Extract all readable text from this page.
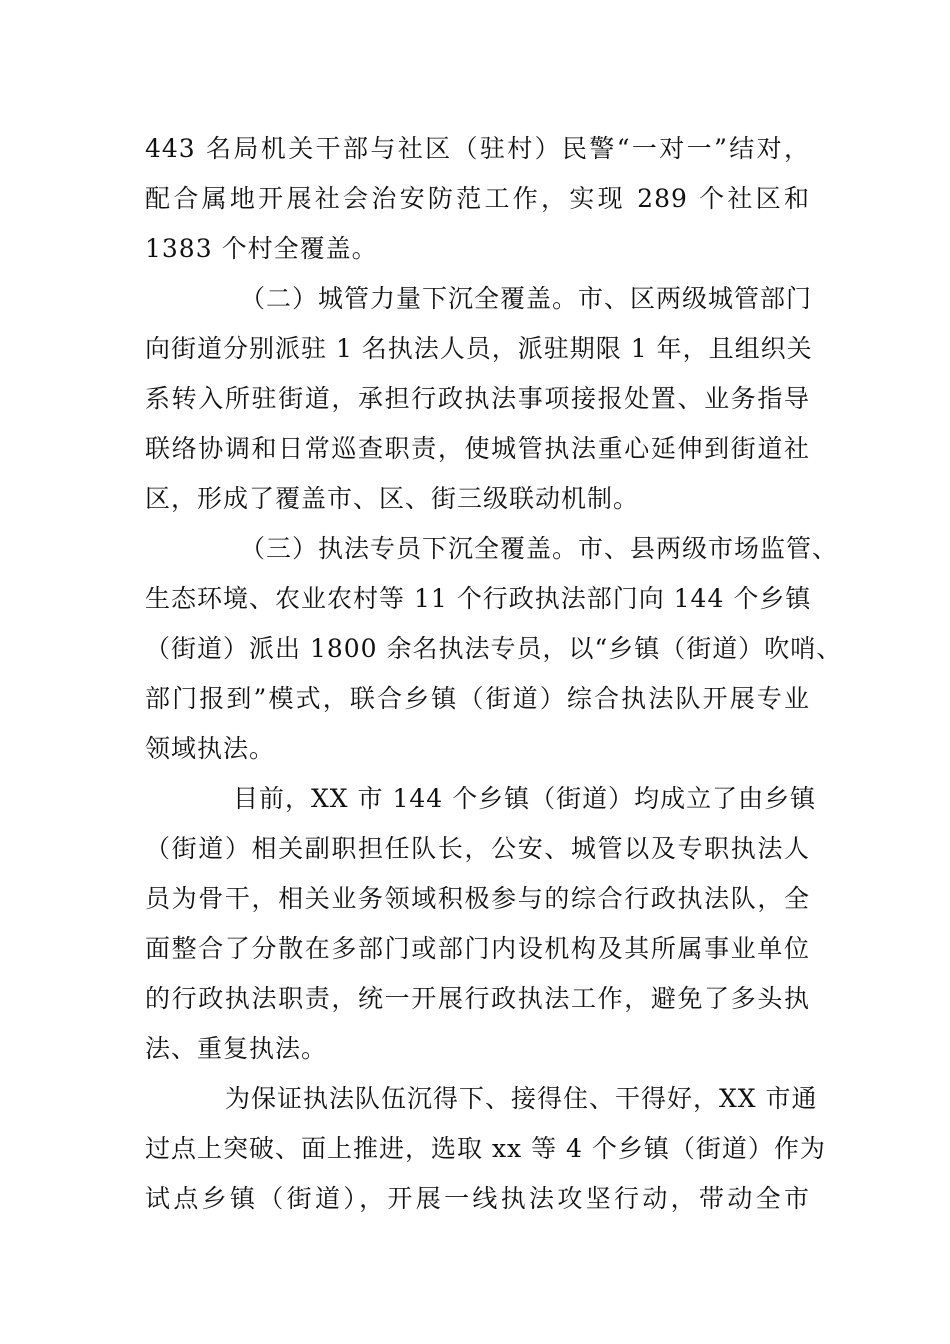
443 名局机关干部与社区（驻村）民警“一对一”结对，
配合属地开展社会治安防范工作，实现 289 个社区和
1383 个村全覆盖。
（二）城管力量下沉全覆盖。市、区两级城管部门
向街道分别派驻 1 名执法人员，派驻期限 1 年，且组织关
系转入所驻街道，承担行政执法事项接报处置、业务指导
联络协调和日常巡查职责，使城管执法重心延伸到街道社
区，形成了覆盖市、区、街三级联动机制。
（三）执法专员下沉全覆盖。市、县两级市场监管、
生态环境、农业农村等 11 个行政执法部门向 144 个乡镇
（街道）派出 1800 余名执法专员，以“乡镇（街道）吹哨、
部门报到”模式，联合乡镇（街道）综合执法队开展专业
领域执法。
目前，XX 市 144 个乡镇（街道）均成立了由乡镇
（街道）相关副职担任队长，公安、城管以及专职执法人
员为骨干，相关业务领域积极参与的综合行政执法队，全
面整合了分散在多部门或部门内设机构及其所属事业单位
的行政执法职责，统一开展行政执法工作，避免了多头执
法、重复执法。
为保证执法队伍沉得下、接得住、干得好，XX 市通
过点上突破、面上推进，选取 xx 等 4 个乡镇（街道）作为
试点乡镇（街道），开展一线执法攻坚行动，带动全市
